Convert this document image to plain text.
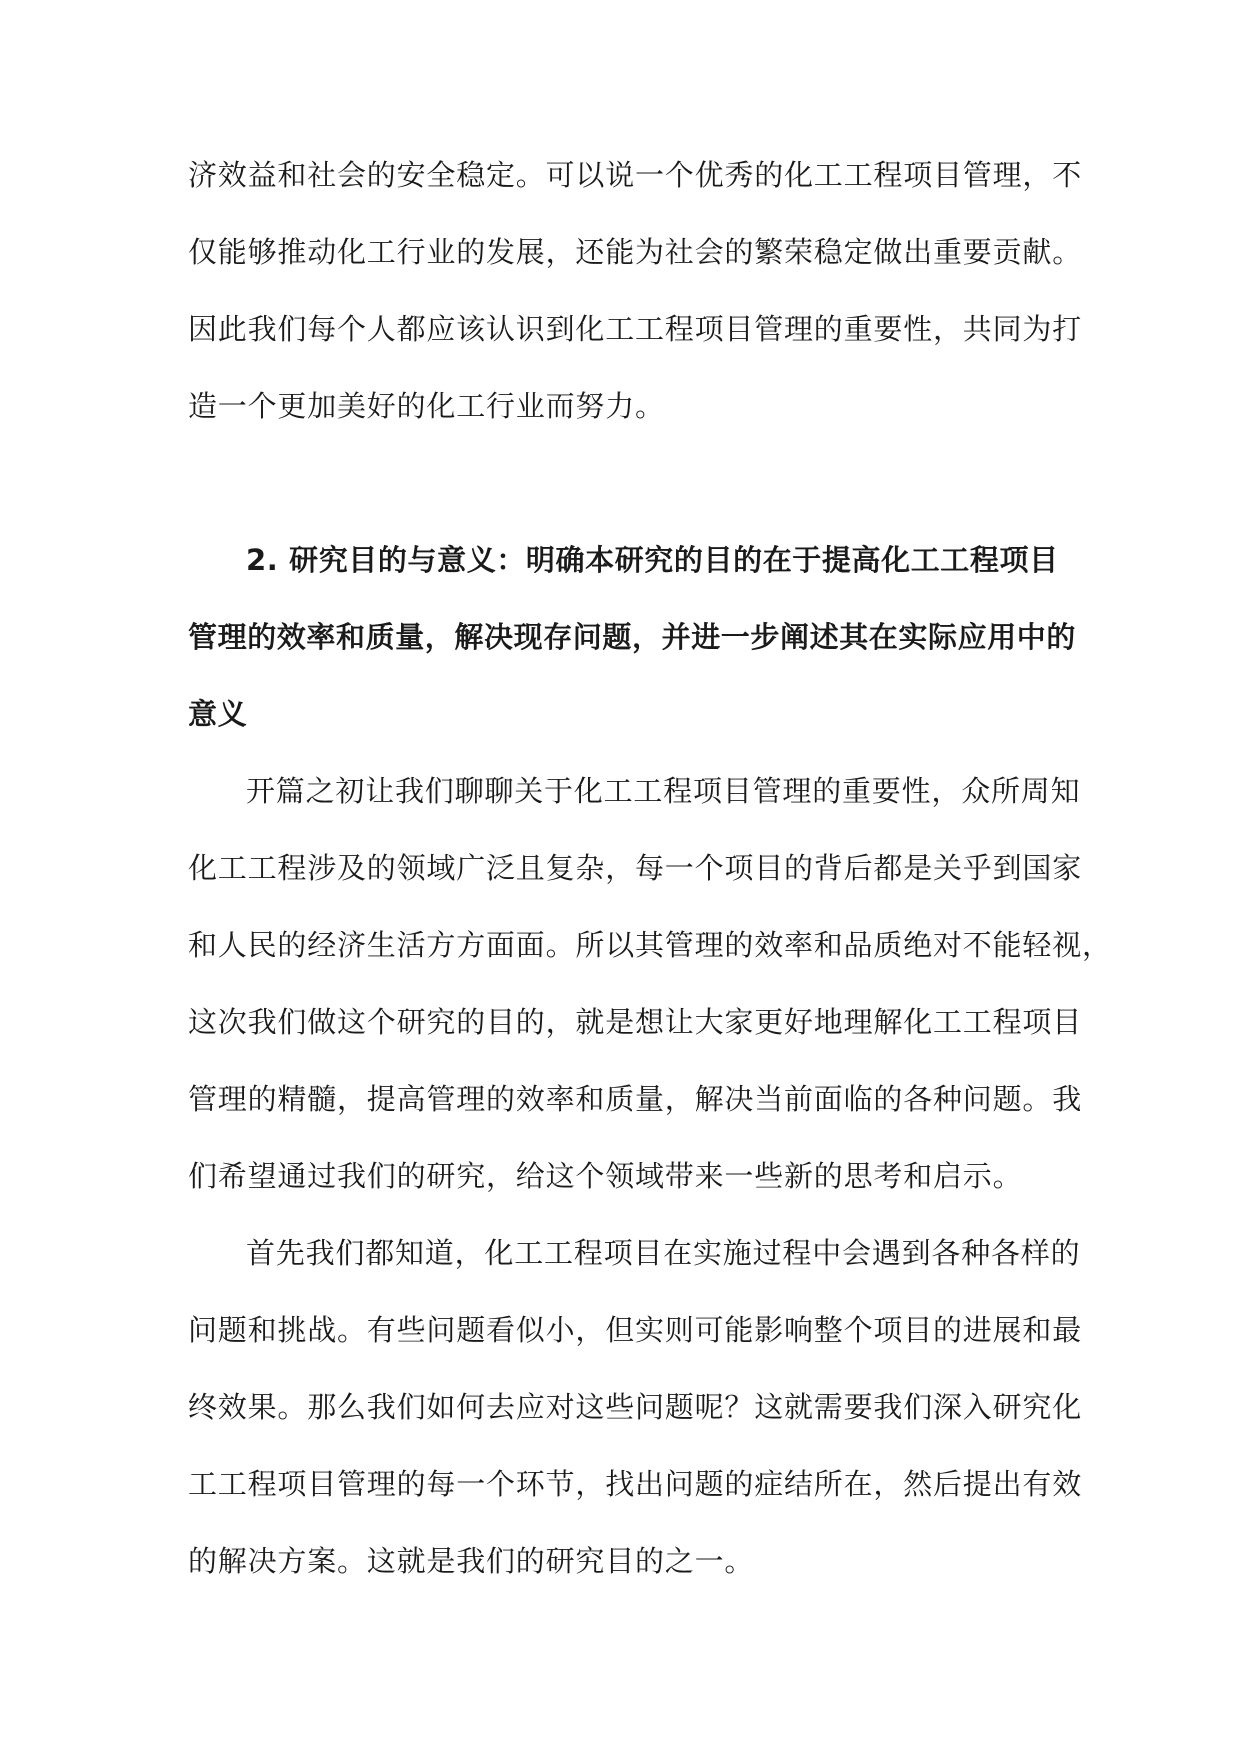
济效益和社会的安全稳定。可以说一个优秀的化工工程项目管理，不
仅能够推动化工行业的发展，还能为社会的繁荣稳定做出重要贡献。
因此我们每个人都应该认识到化工工程项目管理的重要性，共同为打
造一个更加美好的化工行业而努力。
2. 研究目的与意义：明确本研究的目的在于提高化工工程项目
管理的效率和质量，解决现存问题，并进一步阐述其在实际应用中的
意义
开篇之初让我们聊聊关于化工工程项目管理的重要性，众所周知
化工工程涉及的领域广泛且复杂，每一个项目的背后都是关乎到国家
和人民的经济生活方方面面。所以其管理的效率和品质绝对不能轻视，
这次我们做这个研究的目的，就是想让大家更好地理解化工工程项目
管理的精髓，提高管理的效率和质量，解决当前面临的各种问题。我
们希望通过我们的研究，给这个领域带来一些新的思考和启示。
首先我们都知道，化工工程项目在实施过程中会遇到各种各样的
问题和挑战。有些问题看似小，但实则可能影响整个项目的进展和最
终效果。那么我们如何去应对这些问题呢？这就需要我们深入研究化
工工程项目管理的每一个环节，找出问题的症结所在，然后提出有效
的解决方案。这就是我们的研究目的之一。
